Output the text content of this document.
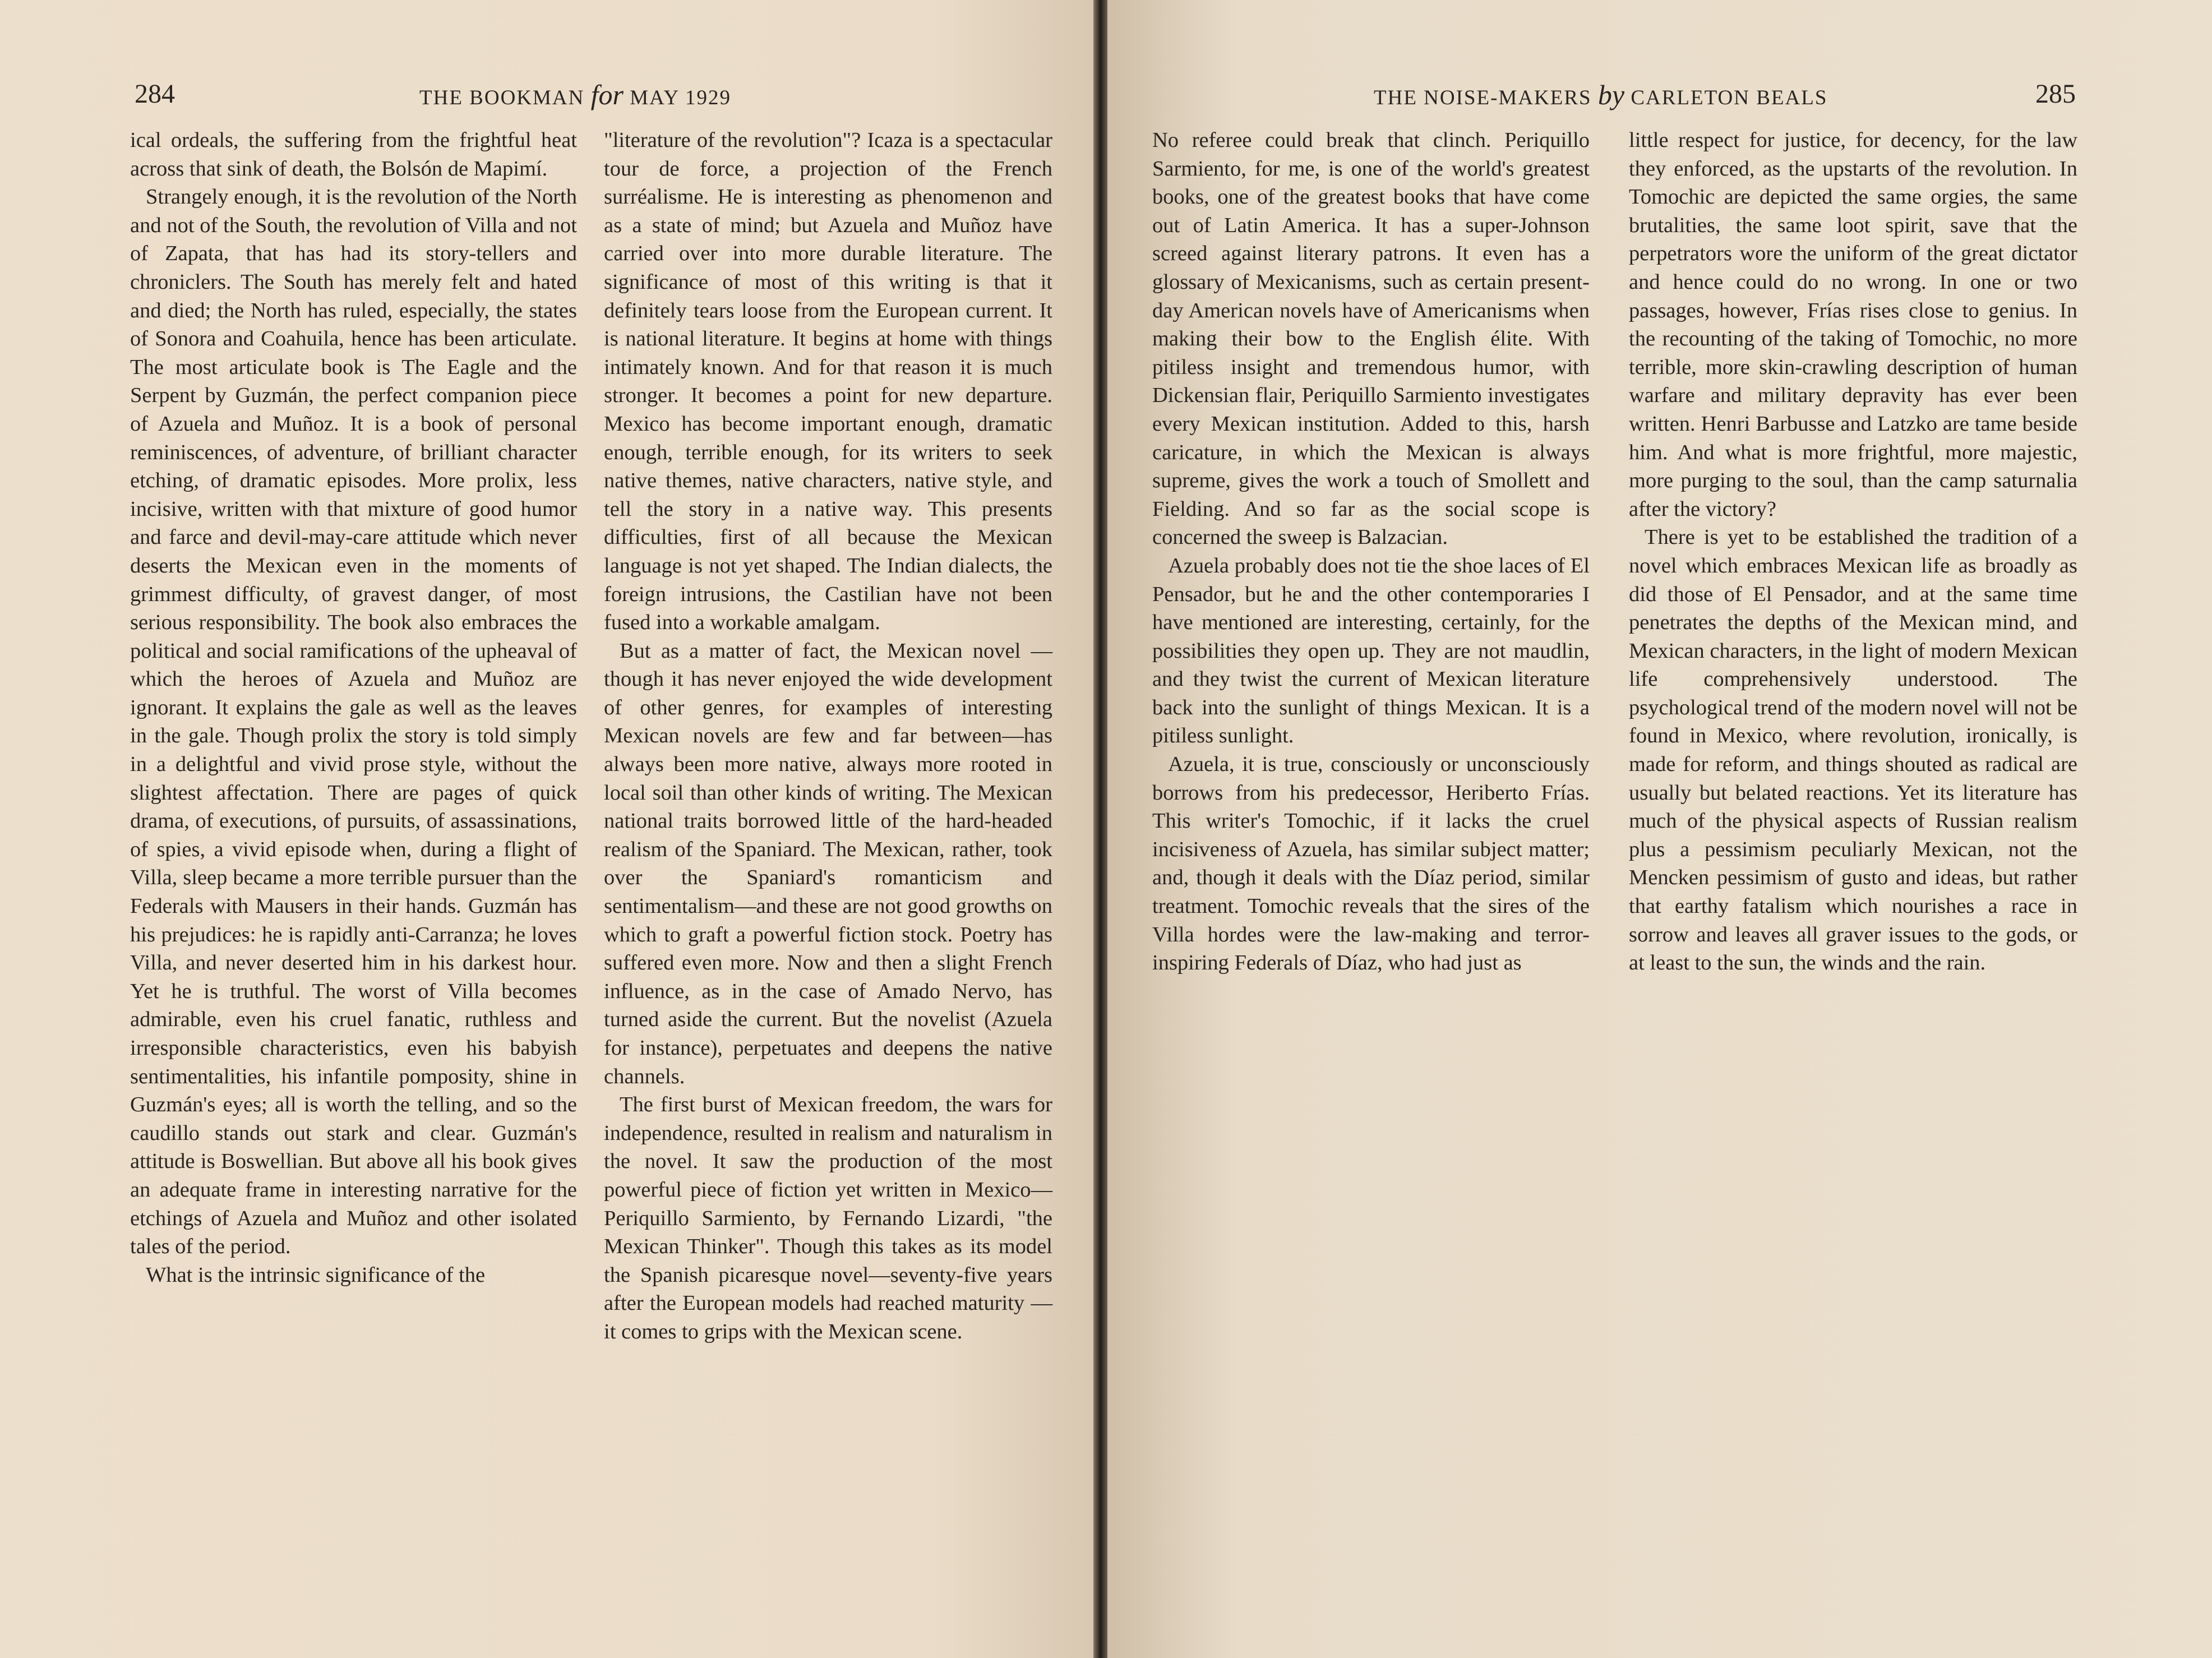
284	THE BOOKMAN for MAY 1929

ical ordeals, the suffering from the frightful heat across that sink of death, the Bolsón de Mapimí.

Strangely enough, it is the revolution of the North and not of the South, the revolution of Villa and not of Zapata, that has had its story-tellers and chroniclers. The South has merely felt and hated and died; the North has ruled, especially, the states of Sonora and Coahuila, hence has been articulate. The most articulate book is The Eagle and the Serpent by Guzmán, the perfect companion piece of Azuela and Muñoz. It is a book of personal reminiscences, of adventure, of brilliant character etching, of dramatic episodes. More prolix, less incisive, written with that mixture of good humor and farce and devil-may-care attitude which never deserts the Mexican even in the moments of grimmest difficulty, of gravest danger, of most serious responsibility. The book also embraces the political and social ramifications of the upheaval of which the heroes of Azuela and Muñoz are ignorant. It explains the gale as well as the leaves in the gale. Though prolix the story is told simply in a delightful and vivid prose style, without the slightest affectation. There are pages of quick drama, of executions, of pursuits, of assassinations, of spies, a vivid episode when, during a flight of Villa, sleep became a more terrible pursuer than the Federals with Mausers in their hands. Guzmán has his prejudices: he is rapidly anti-Carranza; he loves Villa, and never deserted him in his darkest hour. Yet he is truthful. The worst of Villa becomes admirable, even his cruel fanatic, ruthless and irresponsible characteristics, even his babyish sentimentalities, his infantile pomposity, shine in Guzmán's eyes; all is worth the telling, and so the caudillo stands out stark and clear. Guzmán's attitude is Boswellian. But above all his book gives an adequate frame in interesting narrative for the etchings of Azuela and Muñoz and other isolated tales of the period.

What is the intrinsic significance of the

"literature of the revolution"? Icaza is a spectacular tour de force, a projection of the French surréalisme. He is interesting as phenomenon and as a state of mind; but Azuela and Muñoz have carried over into more durable literature. The significance of most of this writing is that it definitely tears loose from the European current. It is national literature. It begins at home with things intimately known. And for that reason it is much stronger. It becomes a point for new departure. Mexico has become important enough, dramatic enough, terrible enough, for its writers to seek native themes, native characters, native style, and tell the story in a native way. This presents difficulties, first of all because the Mexican language is not yet shaped. The Indian dialects, the foreign intrusions, the Castilian have not been fused into a workable amalgam.

But as a matter of fact, the Mexican novel —though it has never enjoyed the wide development of other genres, for examples of interesting Mexican novels are few and far between—has always been more native, always more rooted in local soil than other kinds of writing. The Mexican national traits borrowed little of the hard-headed realism of the Spaniard. The Mexican, rather, took over the Spaniard's romanticism and sentimentalism—and these are not good growths on which to graft a powerful fiction stock. Poetry has suffered even more. Now and then a slight French influence, as in the case of Amado Nervo, has turned aside the current. But the novelist (Azuela for instance), perpetuates and deepens the native channels.

The first burst of Mexican freedom, the wars for independence, resulted in realism and naturalism in the novel. It saw the production of the most powerful piece of fiction yet written in Mexico—Periquillo Sarmiento, by Fernando Lizardi, "the Mexican Thinker". Though this takes as its model the Spanish picaresque novel—seventy-five years after the European models had reached maturity —it comes to grips with the Mexican scene.

THE NOISE-MAKERS by CARLETON BEALS	285

No referee could break that clinch. Periquillo Sarmiento, for me, is one of the world's greatest books, one of the greatest books that have come out of Latin America. It has a super-Johnson screed against literary patrons. It even has a glossary of Mexicanisms, such as certain present-day American novels have of Americanisms when making their bow to the English élite. With pitiless insight and tremendous humor, with Dickensian flair, Periquillo Sarmiento investigates every Mexican institution. Added to this, harsh caricature, in which the Mexican is always supreme, gives the work a touch of Smollett and Fielding. And so far as the social scope is concerned the sweep is Balzacian.

Azuela probably does not tie the shoe laces of El Pensador, but he and the other contemporaries I have mentioned are interesting, certainly, for the possibilities they open up. They are not maudlin, and they twist the current of Mexican literature back into the sunlight of things Mexican. It is a pitiless sunlight.

Azuela, it is true, consciously or unconsciously borrows from his predecessor, Heriberto Frías. This writer's Tomochic, if it lacks the cruel incisiveness of Azuela, has similar subject matter; and, though it deals with the Díaz period, similar treatment. Tomochic reveals that the sires of the Villa hordes were the law-making and terror-inspiring Federals of Díaz, who had just as

little respect for justice, for decency, for the law they enforced, as the upstarts of the revolution. In Tomochic are depicted the same orgies, the same brutalities, the same loot spirit, save that the perpetrators wore the uniform of the great dictator and hence could do no wrong. In one or two passages, however, Frías rises close to genius. In the recounting of the taking of Tomochic, no more terrible, more skin-crawling description of human warfare and military depravity has ever been written. Henri Barbusse and Latzko are tame beside him. And what is more frightful, more majestic, more purging to the soul, than the camp saturnalia after the victory?

There is yet to be established the tradition of a novel which embraces Mexican life as broadly as did those of El Pensador, and at the same time penetrates the depths of the Mexican mind, and Mexican characters, in the light of modern Mexican life comprehensively understood. The psychological trend of the modern novel will not be found in Mexico, where revolution, ironically, is made for reform, and things shouted as radical are usually but belated reactions. Yet its literature has much of the physical aspects of Russian realism plus a pessimism peculiarly Mexican, not the Mencken pessimism of gusto and ideas, but rather that earthy fatalism which nourishes a race in sorrow and leaves all graver issues to the gods, or at least to the sun, the winds and the rain.
